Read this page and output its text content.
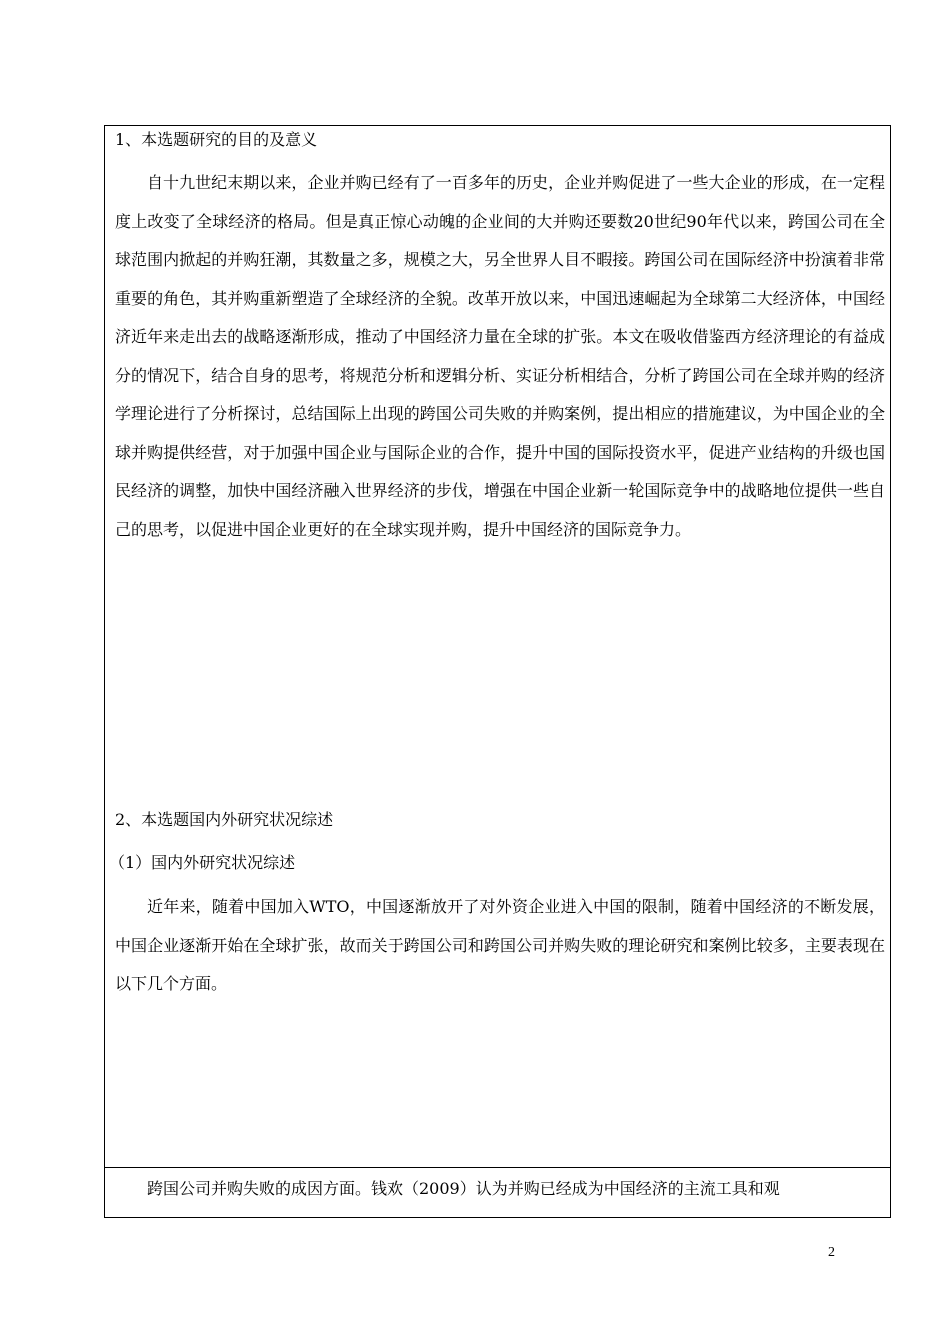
1、本选题研究的目的及意义

自十九世纪末期以来，企业并购已经有了一百多年的历史，企业并购促进了一些大企业的形成，在一定程度上改变了全球经济的格局。但是真正惊心动魄的企业间的大并购还要数20世纪90年代以来，跨国公司在全球范围内掀起的并购狂潮，其数量之多，规模之大，另全世界人目不暇接。跨国公司在国际经济中扮演着非常重要的角色，其并购重新塑造了全球经济的全貌。改革开放以来，中国迅速崛起为全球第二大经济体，中国经济近年来走出去的战略逐渐形成，推动了中国经济力量在全球的扩张。本文在吸收借鉴西方经济理论的有益成分的情况下，结合自身的思考，将规范分析和逻辑分析、实证分析相结合，分析了跨国公司在全球并购的经济学理论进行了分析探讨，总结国际上出现的跨国公司失败的并购案例，提出相应的措施建议，为中国企业的全球并购提供经营，对于加强中国企业与国际企业的合作，提升中国的国际投资水平，促进产业结构的升级也国民经济的调整，加快中国经济融入世界经济的步伐，增强在中国企业新一轮国际竞争中的战略地位提供一些自己的思考，以促进中国企业更好的在全球实现并购，提升中国经济的国际竞争力。

2、本选题国内外研究状况综述
（1）国内外研究状况综述

近年来，随着中国加入WTO，中国逐渐放开了对外资企业进入中国的限制，随着中国经济的不断发展，中国企业逐渐开始在全球扩张，故而关于跨国公司和跨国公司并购失败的理论研究和案例比较多，主要表现在以下几个方面。

跨国公司并购失败的成因方面。钱欢（2009）认为并购已经成为中国经济的主流工具和观

2
